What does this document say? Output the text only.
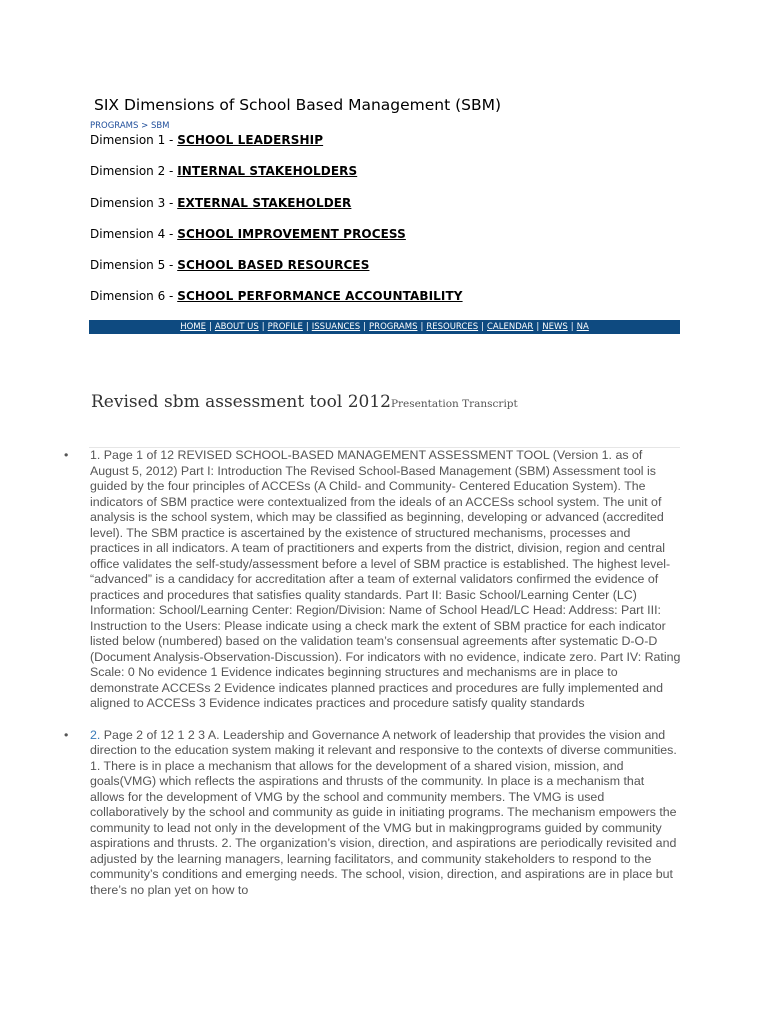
SIX Dimensions of School Based Management (SBM)
PROGRAMS > SBM
Dimension 1 - SCHOOL LEADERSHIP
Dimension 2 - INTERNAL STAKEHOLDERS
Dimension 3 - EXTERNAL STAKEHOLDER
Dimension 4 - SCHOOL IMPROVEMENT PROCESS
Dimension 5 - SCHOOL BASED RESOURCES
Dimension 6 - SCHOOL PERFORMANCE ACCOUNTABILITY
HOME | ABOUT US | PROFILE | ISSUANCES | PROGRAMS | RESOURCES | CALENDAR | NEWS | NA
Revised sbm assessment tool 2012Presentation Transcript
• 1. Page 1 of 12 REVISED SCHOOL-BASED MANAGEMENT ASSESSMENT TOOL (Version 1. as of August 5, 2012) Part I: Introduction The Revised School-Based Management (SBM) Assessment tool is guided by the four principles of ACCESs (A Child- and Community- Centered Education System). The indicators of SBM practice were contextualized from the ideals of an ACCESs school system. The unit of analysis is the school system, which may be classified as beginning, developing or advanced (accredited level). The SBM practice is ascertained by the existence of structured mechanisms, processes and practices in all indicators. A team of practitioners and experts from the district, division, region and central office validates the self-study/assessment before a level of SBM practice is established. The highest level- “advanced” is a candidacy for accreditation after a team of external validators confirmed the evidence of practices and procedures that satisfies quality standards. Part II: Basic School/Learning Center (LC) Information: School/Learning Center: Region/Division: Name of School Head/LC Head: Address: Part III: Instruction to the Users: Please indicate using a check mark the extent of SBM practice for each indicator listed below (numbered) based on the validation team’s consensual agreements after systematic D-O-D (Document Analysis-Observation-Discussion). For indicators with no evidence, indicate zero. Part IV: Rating Scale: 0 No evidence 1 Evidence indicates beginning structures and mechanisms are in place to demonstrate ACCESs 2 Evidence indicates planned practices and procedures are fully implemented and aligned to ACCESs 3 Evidence indicates practices and procedure satisfy quality standards
• 2. Page 2 of 12 1 2 3 A. Leadership and Governance A network of leadership that provides the vision and direction to the education system making it relevant and responsive to the contexts of diverse communities. 1. There is in place a mechanism that allows for the development of a shared vision, mission, and goals(VMG) which reflects the aspirations and thrusts of the community. In place is a mechanism that allows for the development of VMG by the school and community members. The VMG is used collaboratively by the school and community as guide in initiating programs. The mechanism empowers the community to lead not only in the development of the VMG but in makingprograms guided by community aspirations and thrusts. 2. The organization’s vision, direction, and aspirations are periodically revisited and adjusted by the learning managers, learning facilitators, and community stakeholders to respond to the community’s conditions and emerging needs. The school, vision, direction, and aspirations are in place but there’s no plan yet on how to
